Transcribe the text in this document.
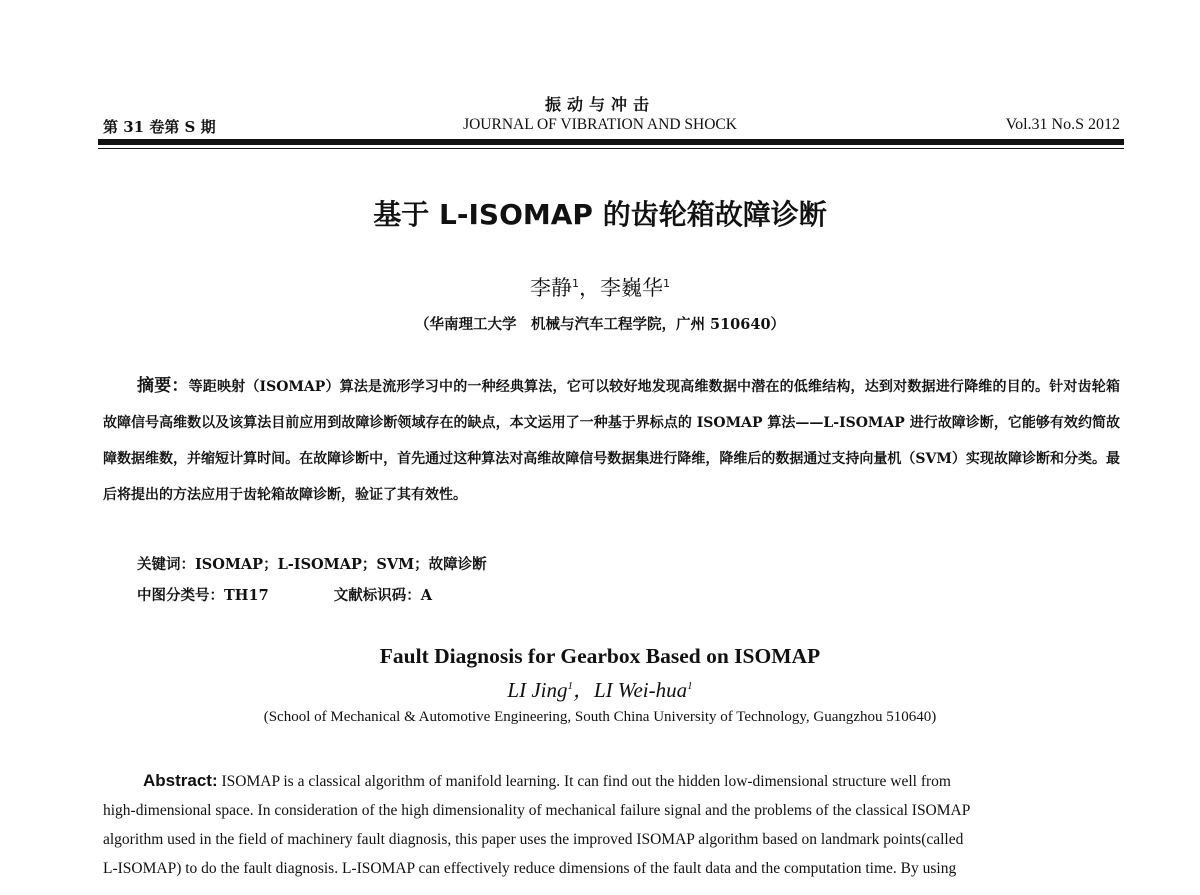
第 31 卷第 S 期
振动与冲击
JOURNAL OF VIBRATION AND SHOCK	Vol.31 No.S 2012
基于 L-ISOMAP 的齿轮箱故障诊断
李静$^1$，李巍华$^1$
（华南理工大学　机械与汽车工程学院，广州 510640）
摘要：等距映射（ISOMAP）算法是流形学习中的一种经典算法，它可以较好地发现高维数据中潜在的低维结构，达到对数据进行降维的目的。针对齿轮箱故障信号高维数以及该算法目前应用到故障诊断领域存在的缺点，本文运用了一种基于界标点的 ISOMAP 算法——L-ISOMAP 进行故障诊断，它能够有效约简故障数据维数，并缩短计算时间。在故障诊断中，首先通过这种算法对高维故障信号数据集进行降维，降维后的数据通过支持向量机（SVM）实现故障诊断和分类。最后将提出的方法应用于齿轮箱故障诊断，验证了其有效性。
关键词：ISOMAP；L-ISOMAP；SVM；故障诊断
中图分类号：TH17	文献标识码：A
Fault Diagnosis for Gearbox Based on ISOMAP
LI Jing$^1$，LI Wei-hua$^1$
(School of Mechanical & Automotive Engineering, South China University of Technology, Guangzhou 510640)
Abstract: ISOMAP is a classical algorithm of manifold learning. It can find out the hidden low-dimensional structure well from
high-dimensional space. In consideration of the high dimensionality of mechanical failure signal and the problems of the classical ISOMAP
algorithm used in the field of machinery fault diagnosis, this paper uses the improved ISOMAP algorithm based on landmark points(called
L-ISOMAP) to do the fault diagnosis. L-ISOMAP can effectively reduce dimensions of the fault data and the computation time. By using
